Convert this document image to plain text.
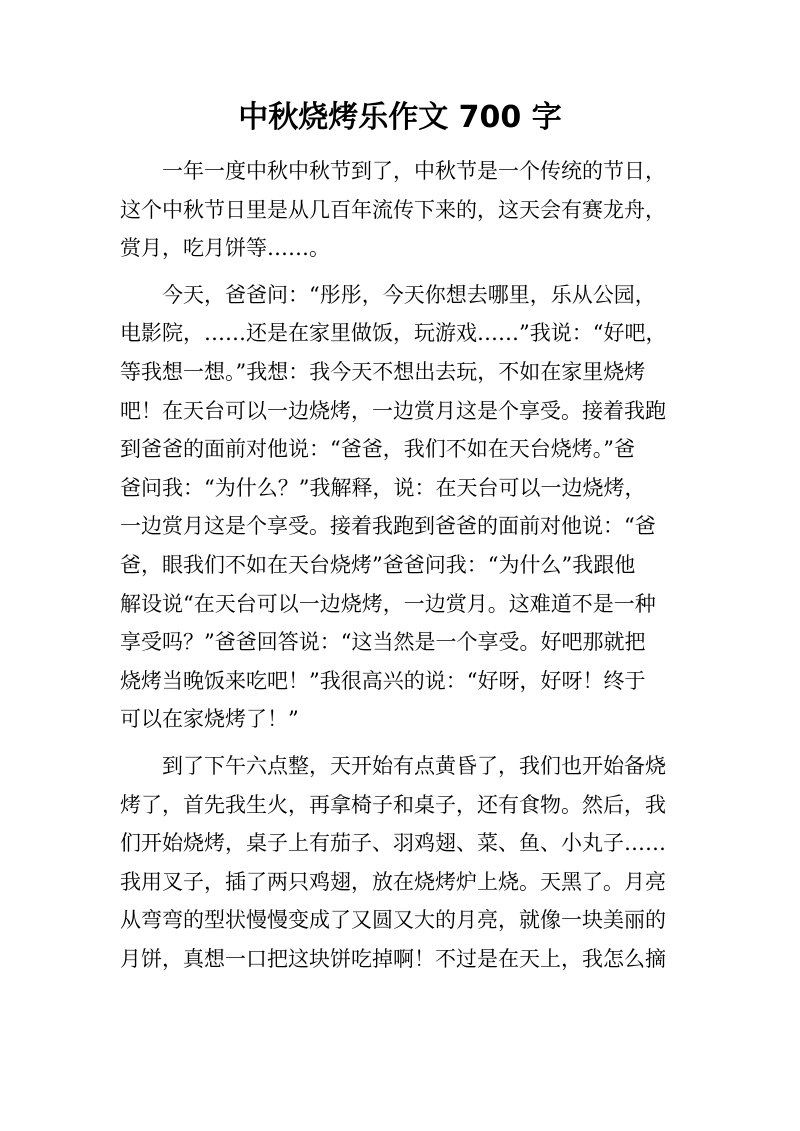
中秋烧烤乐作文 700 字

一年一度中秋中秋节到了，中秋节是一个传统的节日，
这个中秋节日里是从几百年流传下来的，这天会有赛龙舟，
赏月，吃月饼等……。

今天，爸爸问：“彤彤，今天你想去哪里，乐从公园，
电影院，……还是在家里做饭，玩游戏……”我说：“好吧，
等我想一想。”我想：我今天不想出去玩，不如在家里烧烤
吧！在天台可以一边烧烤，一边赏月这是个享受。接着我跑
到爸爸的面前对他说：“爸爸，我们不如在天台烧烤。”爸
爸问我：“为什么？”我解释，说：在天台可以一边烧烤，
一边赏月这是个享受。接着我跑到爸爸的面前对他说：“爸
爸，眼我们不如在天台烧烤”爸爸问我：“为什么”我跟他
解设说“在天台可以一边烧烤，一边赏月。这难道不是一种
享受吗？”爸爸回答说：“这当然是一个享受。好吧那就把
烧烤当晚饭来吃吧！”我很高兴的说：“好呀，好呀！终于
可以在家烧烤了！”

到了下午六点整，天开始有点黄昏了，我们也开始备烧
烤了，首先我生火，再拿椅子和桌子，还有食物。然后，我
们开始烧烤，桌子上有茄子、羽鸡翅、菜、鱼、小丸子……
我用叉子，插了两只鸡翅，放在烧烤炉上烧。天黑了。月亮
从弯弯的型状慢慢变成了又圆又大的月亮，就像一块美丽的
月饼，真想一口把这块饼吃掉啊！不过是在天上，我怎么摘
